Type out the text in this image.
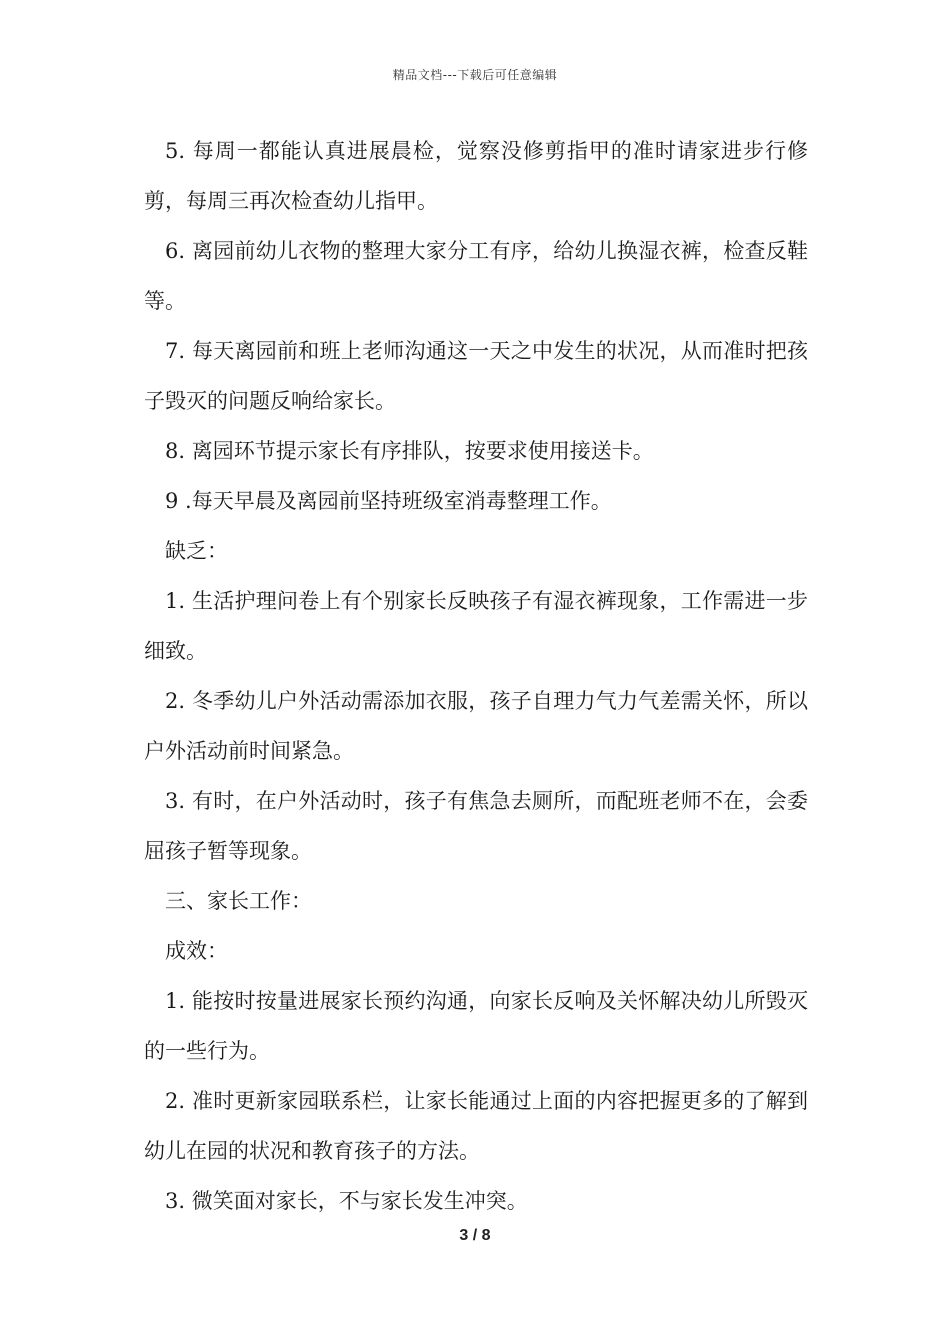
精品文档---下载后可任意编辑

5. 每周一都能认真进展晨检，觉察没修剪指甲的准时请家进步行修剪，每周三再次检查幼儿指甲。

6. 离园前幼儿衣物的整理大家分工有序，给幼儿换湿衣裤，检查反鞋等。

7. 每天离园前和班上老师沟通这一天之中发生的状况，从而准时把孩子毁灭的问题反响给家长。

8. 离园环节提示家长有序排队，按要求使用接送卡。

9 .每天早晨及离园前坚持班级室消毒整理工作。

缺乏：

1. 生活护理问卷上有个别家长反映孩子有湿衣裤现象，工作需进一步细致。

2. 冬季幼儿户外活动需添加衣服，孩子自理力气力气差需关怀，所以户外活动前时间紧急。

3. 有时，在户外活动时，孩子有焦急去厕所，而配班老师不在，会委屈孩子暂等现象。

三、家长工作：

成效：

1. 能按时按量进展家长预约沟通，向家长反响及关怀解决幼儿所毁灭的一些行为。

2. 准时更新家园联系栏，让家长能通过上面的内容把握更多的了解到幼儿在园的状况和教育孩子的方法。

3. 微笑面对家长，不与家长发生冲突。

3 / 8
